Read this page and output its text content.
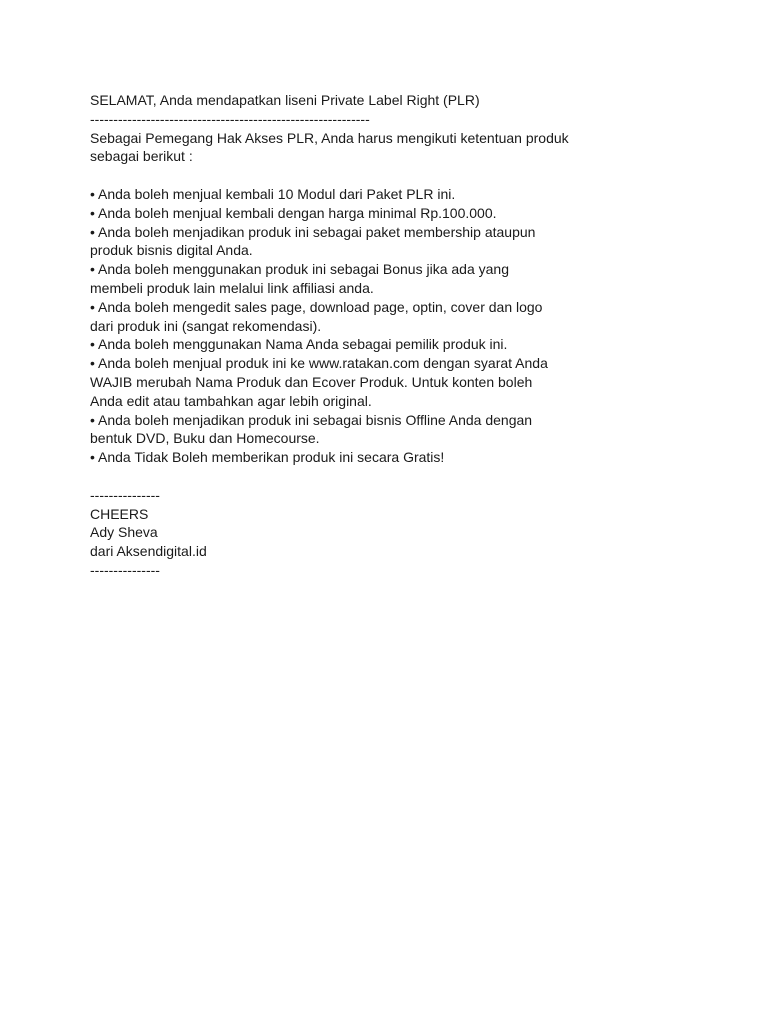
SELAMAT, Anda mendapatkan liseni Private Label Right (PLR)
------------------------------------------------------------
Sebagai Pemegang Hak Akses PLR, Anda harus mengikuti ketentuan produk
sebagai berikut :
• Anda boleh menjual kembali 10 Modul dari Paket PLR ini.
• Anda boleh menjual kembali dengan harga minimal Rp.100.000.
• Anda boleh menjadikan produk ini sebagai paket membership ataupun
produk bisnis digital Anda.
• Anda boleh menggunakan produk ini sebagai Bonus jika ada yang
membeli produk lain melalui link affiliasi anda.
• Anda boleh mengedit sales page, download page, optin, cover dan logo
dari produk ini (sangat rekomendasi).
• Anda boleh menggunakan Nama Anda sebagai pemilik produk ini.
• Anda boleh menjual produk ini ke www.ratakan.com dengan syarat Anda
WAJIB merubah Nama Produk dan Ecover Produk. Untuk konten boleh
Anda edit atau tambahkan agar lebih original.
• Anda boleh menjadikan produk ini sebagai bisnis Offline Anda dengan
bentuk DVD, Buku dan Homecourse.
• Anda Tidak Boleh memberikan produk ini secara Gratis!
---------------
CHEERS
Ady Sheva
dari Aksendigital.id
---------------
